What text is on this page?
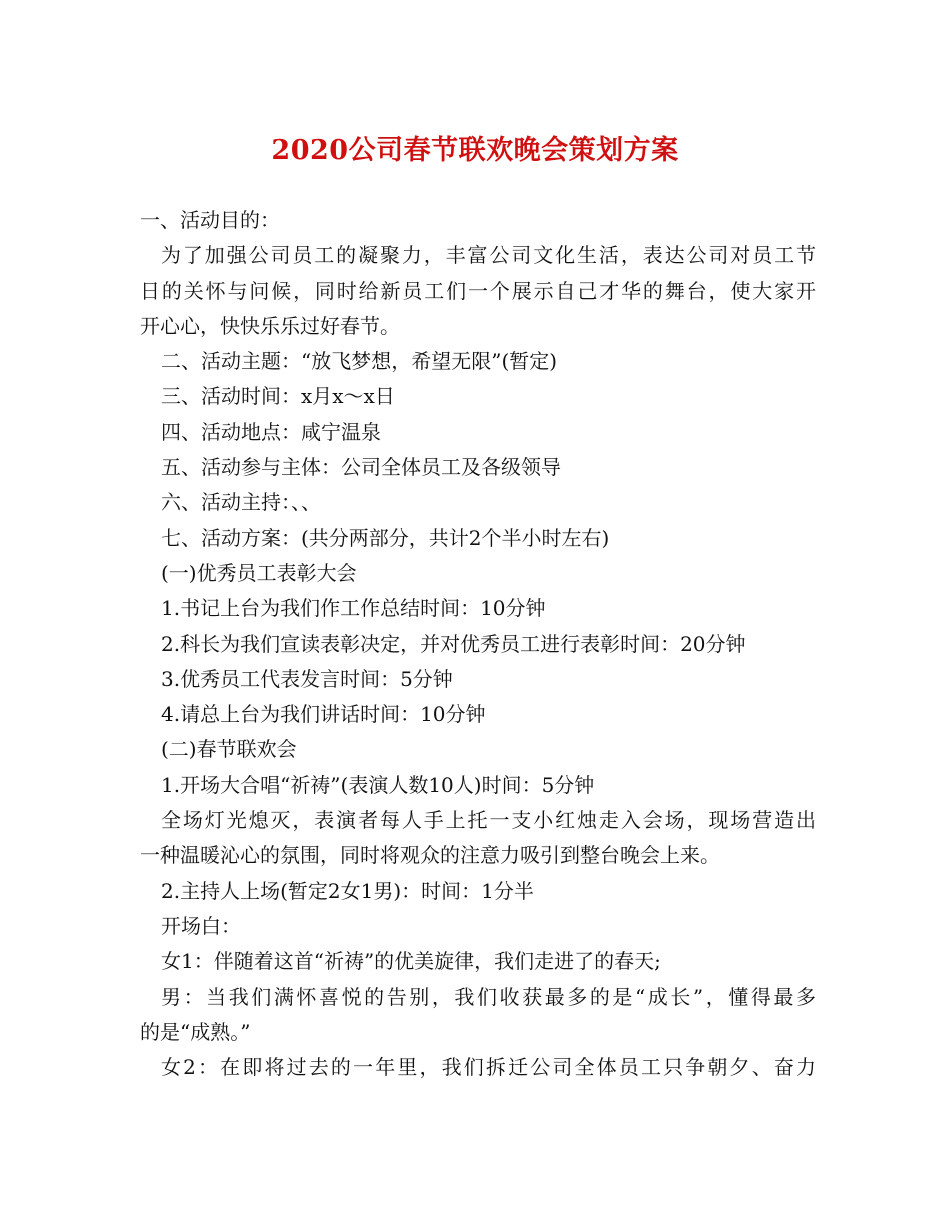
2020公司春节联欢晚会策划方案
一、活动目的：
为了加强公司员工的凝聚力，丰富公司文化生活，表达公司对员工节
日的关怀与问候，同时给新员工们一个展示自己才华的舞台，使大家开
开心心，快快乐乐过好春节。
二、活动主题：“放飞梦想，希望无限”(暂定)
三、活动时间：x月x～x日
四、活动地点：咸宁温泉
五、活动参与主体：公司全体员工及各级领导
六、活动主持：、、
七、活动方案：(共分两部分，共计2个半小时左右)
(一)优秀员工表彰大会
1.书记上台为我们作工作总结时间：10分钟
2.科长为我们宣读表彰决定，并对优秀员工进行表彰时间：20分钟
3.优秀员工代表发言时间：5分钟
4.请总上台为我们讲话时间：10分钟
(二)春节联欢会
1.开场大合唱“祈祷”(表演人数10人)时间：5分钟
全场灯光熄灭，表演者每人手上托一支小红烛走入会场，现场营造出
一种温暖沁心的氛围，同时将观众的注意力吸引到整台晚会上来。
2.主持人上场(暂定2女1男)：时间：1分半
开场白：
女1：伴随着这首“祈祷”的优美旋律，我们走进了的春天;
男：当我们满怀喜悦的告别，我们收获最多的是“成长”，懂得最多
的是“成熟。”
女2：在即将过去的一年里，我们拆迁公司全体员工只争朝夕、奋力
